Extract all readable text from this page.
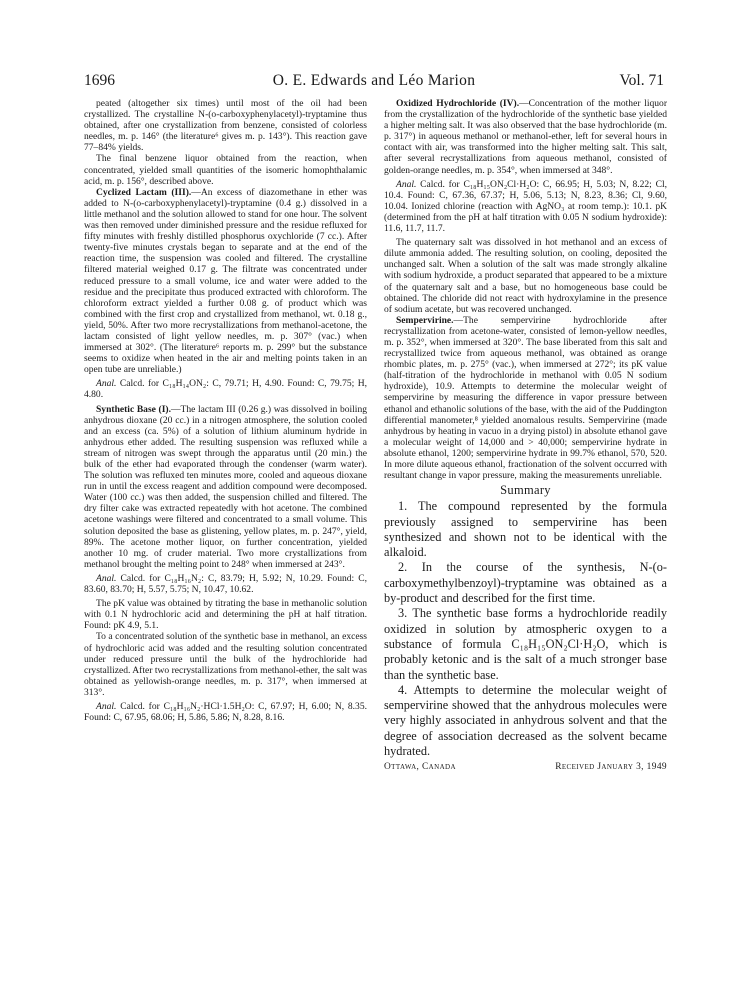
1696	O. E. Edwards and Léo Marion	Vol. 71

peated (altogether six times) until most of the oil had been crystallized. The crystalline N-(o-carboxyphenylacetyl)-tryptamine thus obtained, after one crystallization from benzene, consisted of colorless needles, m. p. 146° (the literature⁶ gives m. p. 143°). This reaction gave 77–84% yields.

The final benzene liquor obtained from the reaction, when concentrated, yielded small quantities of the isomeric homophthalamic acid, m. p. 156°, described above.

Cyclized Lactam (III).—An excess of diazomethane in ether was added to N-(o-carboxyphenylacetyl)-tryptamine (0.4 g.) dissolved in a little methanol and the solution allowed to stand for one hour. The solvent was then removed under diminished pressure and the residue refluxed for fifty minutes with freshly distilled phosphorus oxychloride (7 cc.). After twenty-five minutes crystals began to separate and at the end of the reaction time, the suspension was cooled and filtered. The crystalline filtered material weighed 0.17 g. The filtrate was concentrated under reduced pressure to a small volume, ice and water were added to the residue and the precipitate thus produced extracted with chloroform. The chloroform extract yielded a further 0.08 g. of product which was combined with the first crop and crystallized from methanol, wt. 0.18 g., yield, 50%. After two more recrystallizations from methanol-acetone, the lactam consisted of light yellow needles, m. p. 307° (vac.) when immersed at 302°. (The literature⁶ reports m. p. 299° but the substance seems to oxidize when heated in the air and melting points taken in an open tube are unreliable.)

Anal. Calcd. for C₁₈H₁₄ON₂: C, 79.71; H, 4.90. Found: C, 79.75; H, 4.80.

Synthetic Base (I).—The lactam III (0.26 g.) was dissolved in boiling anhydrous dioxane (20 cc.) in a nitrogen atmosphere, the solution cooled and an excess (ca. 5%) of a solution of lithium aluminum hydride in anhydrous ether added. The resulting suspension was refluxed while a stream of nitrogen was swept through the apparatus until (20 min.) the bulk of the ether had evaporated through the condenser (warm water). The solution was refluxed ten minutes more, cooled and aqueous dioxane run in until the excess reagent and addition compound were decomposed. Water (100 cc.) was then added, the suspension chilled and filtered. The dry filter cake was extracted repeatedly with hot acetone. The combined acetone washings were filtered and concentrated to a small volume. This solution deposited the base as glistening, yellow plates, m. p. 247°, yield, 89%. The acetone mother liquor, on further concentration, yielded another 10 mg. of cruder material. Two more crystallizations from methanol brought the melting point to 248° when immersed at 243°.

Anal. Calcd. for C₁₈H₁₆N₂: C, 83.79; H, 5.92; N, 10.29. Found: C, 83.60, 83.70; H, 5.57, 5.75; N, 10.47, 10.62.

The pK value was obtained by titrating the base in methanolic solution with 0.1 N hydrochloric acid and determining the pH at half titration. Found: pK 4.9, 5.1.

To a concentrated solution of the synthetic base in methanol, an excess of hydrochloric acid was added and the resulting solution concentrated under reduced pressure until the bulk of the hydrochloride had crystallized. After two recrystallizations from methanol-ether, the salt was obtained as yellowish-orange needles, m. p. 317°, when immersed at 313°.

Anal. Calcd. for C₁₈H₁₆N₂·HCl·1.5H₂O: C, 67.97; H, 6.00; N, 8.35. Found: C, 67.95, 68.06; H, 5.86, 5.86; N, 8.28, 8.16.

Oxidized Hydrochloride (IV).—Concentration of the mother liquor from the crystallization of the hydrochloride of the synthetic base yielded a higher melting salt. It was also observed that the base hydrochloride (m. p. 317°) in aqueous methanol or methanol-ether, left for several hours in contact with air, was transformed into the higher melting salt. This salt, after several recrystallizations from aqueous methanol, consisted of golden-orange needles, m. p. 354°, when immersed at 348°.

Anal. Calcd. for C₁₈H₁₅ON₂Cl·H₂O: C, 66.95; H, 5.03; N, 8.22; Cl, 10.4. Found: C, 67.36, 67.37; H, 5.06, 5.13; N, 8.23, 8.36; Cl, 9.60, 10.04. Ionized chlorine (reaction with AgNO₃ at room temp.): 10.1. pK (determined from the pH at half titration with 0.05 N sodium hydroxide): 11.6, 11.7, 11.7.

The quaternary salt was dissolved in hot methanol and an excess of dilute ammonia added. The resulting solution, on cooling, deposited the unchanged salt. When a solution of the salt was made strongly alkaline with sodium hydroxide, a product separated that appeared to be a mixture of the quaternary salt and a base, but no homogeneous base could be obtained. The chloride did not react with hydroxylamine in the presence of sodium acetate, but was recovered unchanged.

Sempervirine.—The sempervirine hydrochloride after recrystallization from acetone-water, consisted of lemon-yellow needles, m. p. 352°, when immersed at 320°. The base liberated from this salt and recrystallized twice from aqueous methanol, was obtained as orange rhombic plates, m. p. 275° (vac.), when immersed at 272°; its pK value (half-titration of the hydrochloride in methanol with 0.05 N sodium hydroxide), 10.9. Attempts to determine the molecular weight of sempervirine by measuring the difference in vapor pressure between ethanol and ethanolic solutions of the base, with the aid of the Puddington differential manometer,⁸ yielded anomalous results. Sempervirine (made anhydrous by heating in vacuo in a drying pistol) in absolute ethanol gave a molecular weight of 14,000 and > 40,000; sempervirine hydrate in absolute ethanol, 1200; sempervirine hydrate in 99.7% ethanol, 570, 520. In more dilute aqueous ethanol, fractionation of the solvent occurred with resultant change in vapor pressure, making the measurements unreliable.

Summary

1. The compound represented by the formula previously assigned to sempervirine has been synthesized and shown not to be identical with the alkaloid.

2. In the course of the synthesis, N-(o-carboxymethylbenzoyl)-tryptamine was obtained as a by-product and described for the first time.

3. The synthetic base forms a hydrochloride readily oxidized in solution by atmospheric oxygen to a substance of formula C₁₈H₁₅ON₂Cl·H₂O, which is probably ketonic and is the salt of a much stronger base than the synthetic base.

4. Attempts to determine the molecular weight of sempervirine showed that the anhydrous molecules were very highly associated in anhydrous solvent and that the degree of association decreased as the solvent became hydrated.

Ottawa, Canada	Received January 3, 1949
